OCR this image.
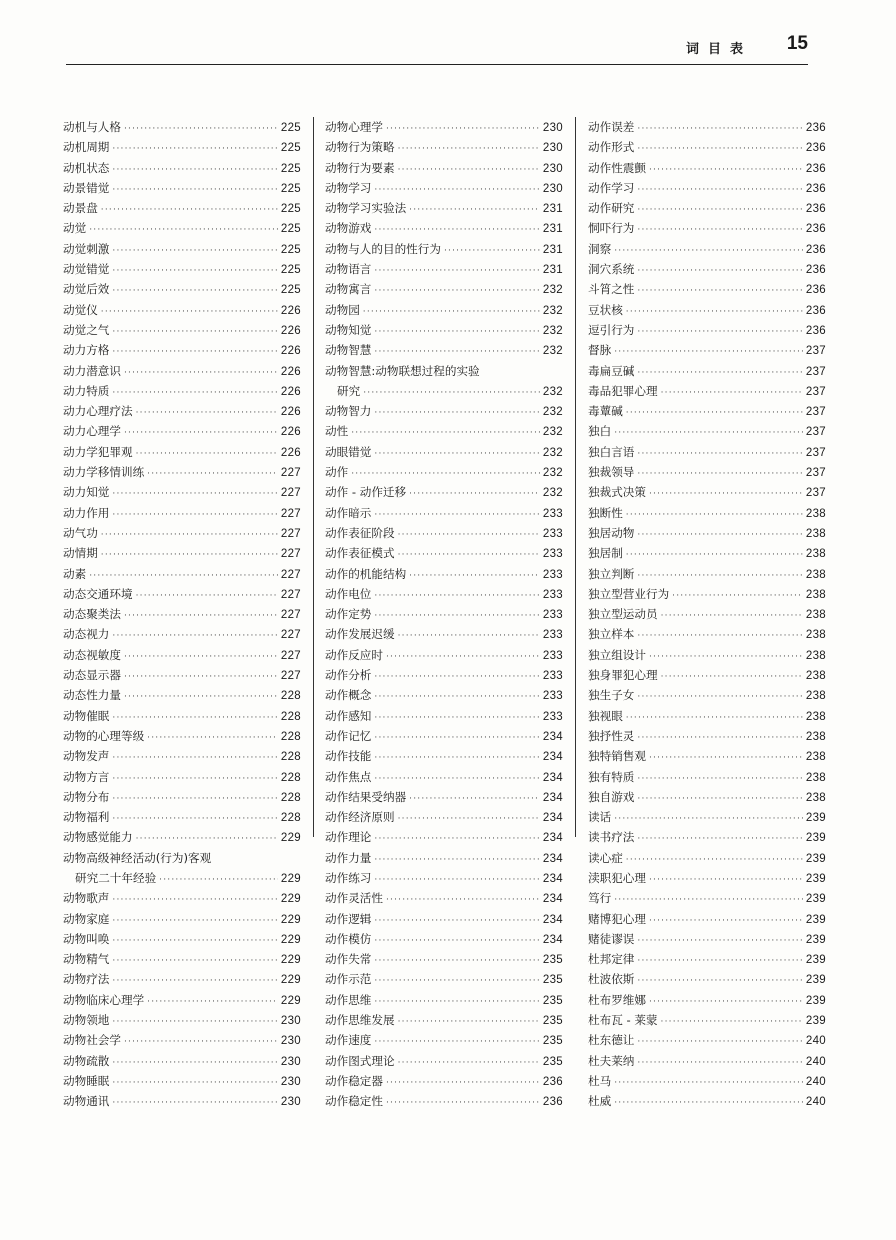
词目表 15
动机与人格 ·····	225
动机周期 ·····	225
动机状态 ·····	225
动景错觉 ·····	225
动景盘 ·····	225
动觉 ·····	225
动觉刺激 ·····	225
动觉错觉 ·····	225
动觉后效 ·····	225
动觉仪 ·····	226
动觉之气 ·····	226
动力方格 ·····	226
动力潜意识 ·····	226
动力特质 ·····	226
动力心理疗法 ·····	226
动力心理学 ·····	226
动力学犯罪观 ·····	226
动力学移情训练 ·····	227
动力知觉 ·····	227
动力作用 ·····	227
动气功 ·····	227
动情期 ·····	227
动素 ·····	227
动态交通环境 ·····	227
动态聚类法 ·····	227
动态视力 ·····	227
动态视敏度 ·····	227
动态显示器 ·····	227
动态性力量 ·····	228
动物催眠 ·····	228
动物的心理等级 ·····	228
动物发声 ·····	228
动物方言 ·····	228
动物分布 ·····	228
动物福利 ·····	228
动物感觉能力 ·····	229
动物高级神经活动(行为)客观
研究二十年经验 ·····	229
动物歌声 ·····	229
动物家庭 ·····	229
动物叫唤 ·····	229
动物精气 ·····	229
动物疗法 ·····	229
动物临床心理学 ·····	229
动物领地 ·····	230
动物社会学 ·····	230
动物疏散 ·····	230
动物睡眠 ·····	230
动物通讯 ·····	230
动物心理学 ·····	230
动物行为策略 ·····	230
动物行为要素 ·····	230
动物学习 ·····	230
动物学习实验法 ·····	231
动物游戏 ·····	231
动物与人的目的性行为 ·····	231
动物语言 ·····	231
动物寓言 ·····	232
动物园 ·····	232
动物知觉 ·····	232
动物智慧 ·····	232
动物智慧:动物联想过程的实验
研究 ·····	232
动物智力 ·····	232
动性 ·····	232
动眼错觉 ·····	232
动作 ·····	232
动作 - 动作迁移 ·····	232
动作暗示 ·····	233
动作表征阶段 ·····	233
动作表征模式 ·····	233
动作的机能结构 ·····	233
动作电位 ·····	233
动作定势 ·····	233
动作发展迟缓 ·····	233
动作反应时 ·····	233
动作分析 ·····	233
动作概念 ·····	233
动作感知 ·····	233
动作记忆 ·····	234
动作技能 ·····	234
动作焦点 ·····	234
动作结果受纳器 ·····	234
动作经济原则 ·····	234
动作理论 ·····	234
动作力量 ·····	234
动作练习 ·····	234
动作灵活性 ·····	234
动作逻辑 ·····	234
动作模仿 ·····	234
动作失常 ·····	235
动作示范 ·····	235
动作思维 ·····	235
动作思维发展 ·····	235
动作速度 ·····	235
动作图式理论 ·····	235
动作稳定器 ·····	236
动作稳定性 ·····	236
动作误差 ·····	236
动作形式 ·····	236
动作性震颤 ·····	236
动作学习 ·····	236
动作研究 ·····	236
恫吓行为 ·····	236
洞察 ·····	236
洞穴系统 ·····	236
斗筲之性 ·····	236
豆状核 ·····	236
逗引行为 ·····	236
督脉 ·····	237
毒扁豆碱 ·····	237
毒品犯罪心理 ·····	237
毒蕈碱 ·····	237
独白 ·····	237
独白言语 ·····	237
独裁领导 ·····	237
独裁式决策 ·····	237
独断性 ·····	238
独居动物 ·····	238
独居制 ·····	238
独立判断 ·····	238
独立型营业行为 ·····	238
独立型运动员 ·····	238
独立样本 ·····	238
独立组设计 ·····	238
独身罪犯心理 ·····	238
独生子女 ·····	238
独视眼 ·····	238
独抒性灵 ·····	238
独特销售观 ·····	238
独有特质 ·····	238
独自游戏 ·····	238
读话 ·····	239
读书疗法 ·····	239
读心症 ·····	239
渎职犯心理 ·····	239
笃行 ·····	239
赌博犯心理 ·····	239
赌徒谬误 ·····	239
杜邦定律 ·····	239
杜波依斯 ·····	239
杜布罗维娜 ·····	239
杜布瓦 - 莱蒙 ·····	239
杜东德让 ·····	240
杜夫莱纳 ·····	240
杜马 ·····	240
杜威 ·····	240
